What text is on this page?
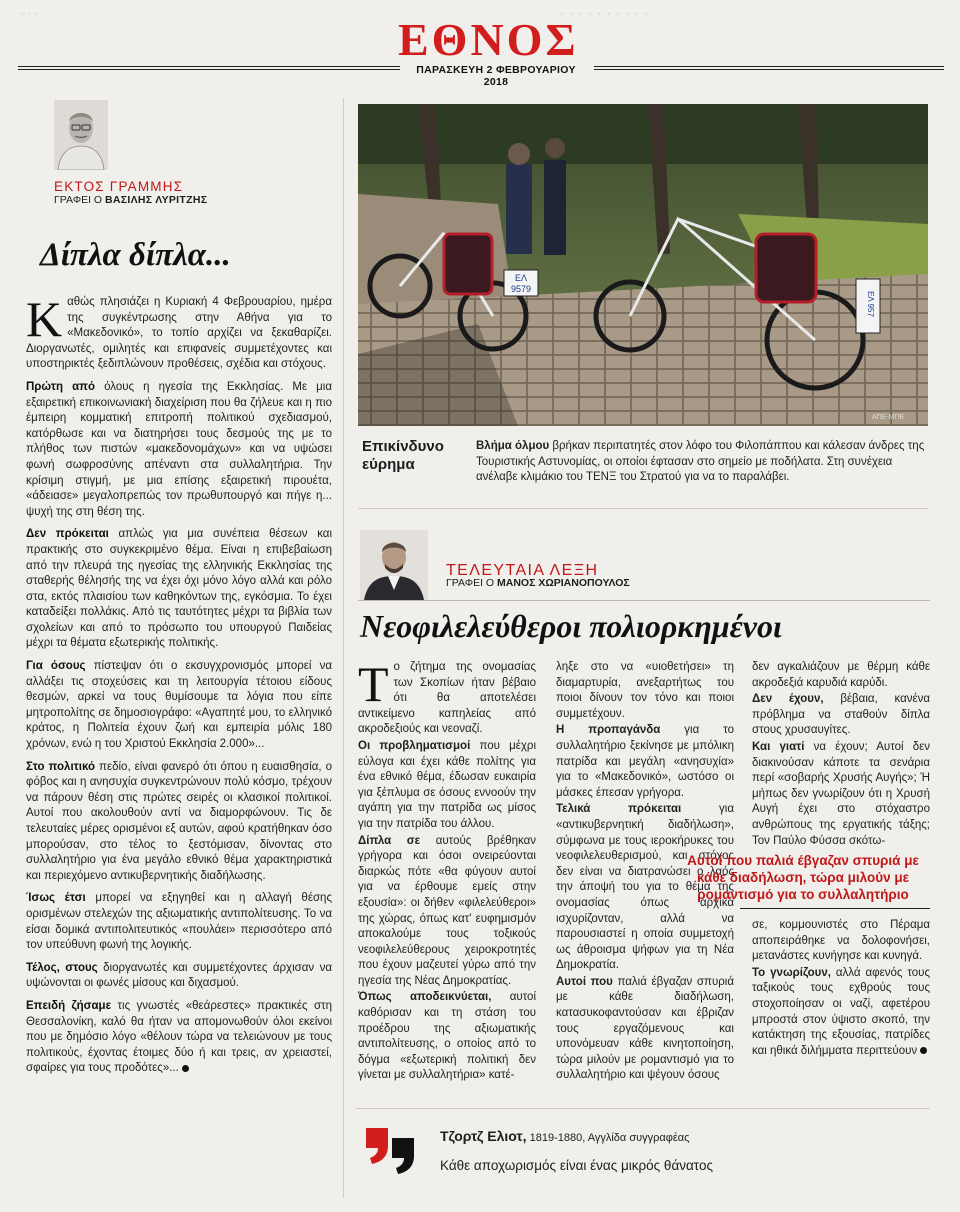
· · ·	· · · · · · · · · ·
ΕΘΝΟΣ
ΠΑΡΑΣΚΕΥΗ 2 ΦΕΒΡΟΥΑΡΙΟΥ 2018
ΕΚΤΟΣ ΓΡΑΜΜΗΣ
ΓΡΑΦΕΙ Ο ΒΑΣΙΛΗΣ ΛΥΡΙΤΖΗΣ
Δίπλα δίπλα...

Καθώς πλησιάζει η Κυριακή 4 Φεβρουαρίου, ημέρα της συγκέντρωσης στην Αθήνα για το «Μακεδονικό», το τοπίο αρχίζει να ξεκαθαρίζει. Διοργανωτές, ομιλητές και επιφανείς συμμετέχοντες και υποστηρικτές ξεδιπλώνουν προθέσεις, σχέδια και στόχους.

Πρώτη από όλους η ηγεσία της Εκκλησίας. Με μια εξαιρετική επικοινωνιακή διαχείριση που θα ζήλευε και η πιο έμπειρη κομματική επιτροπή πολιτικού σχεδιασμού, κατόρθωσε και να διατηρήσει τους δεσμούς της με το πλήθος των πιστών «μακεδονομάχων» και να υψώσει φωνή σωφροσύνης απέναντι στα συλλαλητήρια. Την κρίσιμη στιγμή, με μια επίσης εξαιρετική πιρουέτα, «άδειασε» μεγαλοπρεπώς τον πρωθυπουργό και πήγε η... ψυχή της στη θέση της.

Δεν πρόκειται απλώς για μια συνέπεια θέσεων και πρακτικής στο συγκεκριμένο θέμα. Είναι η επιβεβαίωση από την πλευρά της ηγεσίας της ελληνικής Εκκλησίας της σταθερής θέλησής της να έχει όχι μόνο λόγο αλλά και ρόλο στα, εκτός πλαισίου των καθηκόντων της, εγκόσμια. Το έχει καταδείξει πολλάκις. Από τις ταυτότητες μέχρι τα βιβλία των σχολείων και από το πρόσωπο του υπουργού Παιδείας μέχρι τα θέματα εξωτερικής πολιτικής.

Για όσους πίστεψαν ότι ο εκσυγχρονισμός μπορεί να αλλάξει τις στοχεύσεις και τη λειτουργία τέτοιου είδους θεσμών, αρκεί να τους θυμίσουμε τα λόγια που είπε μητροπολίτης σε δημοσιογράφο: «Αγαπητέ μου, το ελληνικό κράτος, η Πολιτεία έχουν ζωή και εμπειρία μόλις 180 χρόνων, ενώ η του Χριστού Εκκλησία 2.000»...

Στο πολιτικό πεδίο, είναι φανερό ότι όπου η ευαισθησία, ο φόβος και η ανησυχία συγκεντρώνουν πολύ κόσμο, τρέχουν να πάρουν θέση στις πρώτες σειρές οι κλασικοί πολιτικοί. Αυτοί που ακολουθούν αντί να διαμορφώνουν. Τις δε τελευταίες μέρες ορισμένοι εξ αυτών, αφού κρατήθηκαν όσο μπορούσαν, στο τέλος το ξεστόμισαν, δίνοντας στο συλλαλητήριο για ένα μεγάλο εθνικό θέμα χαρακτηριστικά και περιεχόμενο αντικυβερνητικής διαδήλωσης.

Ίσως έτσι μπορεί να εξηγηθεί και η αλλαγή θέσης ορισμένων στελεχών της αξιωματικής αντιπολίτευσης. Το να είσαι δομικά αντιπολιτευτικός «πουλάει» περισσότερο από τον υπεύθυνη φωνή της λογικής.

Τέλος, στους διοργανωτές και συμμετέχοντες άρχισαν να υψώνονται οι φωνές μίσους και διχασμού.

Επειδή ζήσαμε τις γνωστές «θεάρεστες» πρακτικές στη Θεσσαλονίκη, καλό θα ήταν να απομονωθούν όλοι εκείνοι που με δημόσιο λόγο «θέλουν τώρα να τελειώνουν με τους πολιτικούς, έχοντας έτοιμες δύο ή και τρεις, αν χρειαστεί, σφαίρες για τους προδότες»...

ΕΛ
9579
ΕΛ 957
ΑΠΕ-ΜΠΕ
Επικίνδυνο εύρημα
Βλήμα όλμου βρήκαν περιπατητές στον λόφο του Φιλοπάππου και κάλεσαν άνδρες της Τουριστικής Αστυνομίας, οι οποίοι έφτασαν στο σημείο με ποδήλατα. Στη συνέχεια ανέλαβε κλιμάκιο του ΤΕΝΞ του Στρατού για να το παραλάβει.
ΤΕΛΕΥΤΑΙΑ ΛΕΞΗ
ΓΡΑΦΕΙ Ο ΜΑΝΟΣ ΧΩΡΙΑΝΟΠΟΥΛΟΣ
Νεοφιλελεύθεροι πολιορκημένοι

Το ζήτημα της ονομασίας των Σκοπίων ήταν βέβαιο ότι θα αποτελέσει αντικείμενο καπηλείας από ακροδεξιούς και νεοναζί.

Οι προβληματισμοί που μέχρι εύλογα και έχει κάθε πολίτης για ένα εθνικό θέμα, έδωσαν ευκαιρία για ξέπλυμα σε όσους εννοούν την αγάπη για την πατρίδα ως μίσος για την πατρίδα του άλλου.

Δίπλα σε αυτούς βρέθηκαν γρήγορα και όσοι ονειρεύονται διαρκώς πότε «θα φύγουν αυτοί για να έρθουμε εμείς στην εξουσία»: οι δήθεν «φιλελεύθεροι» της χώρας, όπως κατ' ευφημισμόν αποκαλούμε τους τοξικούς νεοφιλελεύθερους χειροκροτητές που έχουν μαζευτεί γύρω από την ηγεσία της Νέας Δημοκρατίας.

Όπως αποδεικνύεται, αυτοί καθόρισαν και τη στάση του προέδρου της αξιωματικής αντιπολίτευσης, ο οποίος από το δόγμα «εξωτερική πολιτική δεν γίνεται με συλλαλητήρια» κατέ-

ληξε στο να «υιοθετήσει» τη διαμαρτυρία, ανεξαρτήτως του ποιοι δίνουν τον τόνο και ποιοι συμμετέχουν.

Η προπαγάνδα για το συλλαλητήριο ξεκίνησε με μπόλικη πατρίδα και μεγάλη «ανησυχία» για το «Μακεδονικό», ωστόσο οι μάσκες έπεσαν γρήγορα.

Τελικά πρόκειται για «αντικυβερνητική διαδήλωση», σύμφωνα με τους ιεροκήρυκες του νεοφιλελευθερισμού, και στόχος δεν είναι να διατρανώσει ο λαός την άποψή του για το θέμα της ονομασίας όπως αρχικά ισχυρίζονταν, αλλά να παρουσιαστεί η οποία συμμετοχή ως άθροισμα ψήφων για τη Νέα Δημοκρατία.

Αυτοί που παλιά έβγαζαν σπυριά με κάθε διαδήλωση, κατασυκοφαντούσαν και έβριζαν τους εργαζόμενους και υπονόμευαν κάθε κινητοποίηση, τώρα μιλούν με ρομαντισμό για το συλλαλητήριο και ψέγουν όσους

δεν αγκαλιάζουν με θέρμη κάθε ακροδεξιά καρυδιά καρύδι.

Δεν έχουν, βέβαια, κανένα πρόβλημα να σταθούν δίπλα στους χρυσαυγίτες.

Και γιατί να έχουν; Αυτοί δεν διακινούσαν κάποτε τα σενάρια περί «σοβαρής Χρυσής Αυγής»; Ή μήπως δεν γνωρίζουν ότι η Χρυσή Αυγή έχει στο στόχαστρο ανθρώπους της εργατικής τάξης; Τον Παύλο Φύσσα σκότω-

Αυτοί που παλιά έβγαζαν σπυριά με κάθε διαδήλωση, τώρα μιλούν με ρομαντισμό για το συλλαλητήριο

σε, κομμουνιστές στο Πέραμα αποπειράθηκε να δολοφονήσει, μετανάστες κυνήγησε και κυνηγά.

Το γνωρίζουν, αλλά αφενός τους ταξικούς τους εχθρούς τους στοχοποίησαν οι ναζί, αφετέρου μπροστά στον ύψιστο σκοπό, την κατάκτηση της εξουσίας, πατρίδες και ηθικά διλήμματα περιττεύουν

Τζορτζ Ελιοτ, 1819-1880, Αγγλίδα συγγραφέας
Κάθε αποχωρισμός είναι ένας μικρός θάνατος
